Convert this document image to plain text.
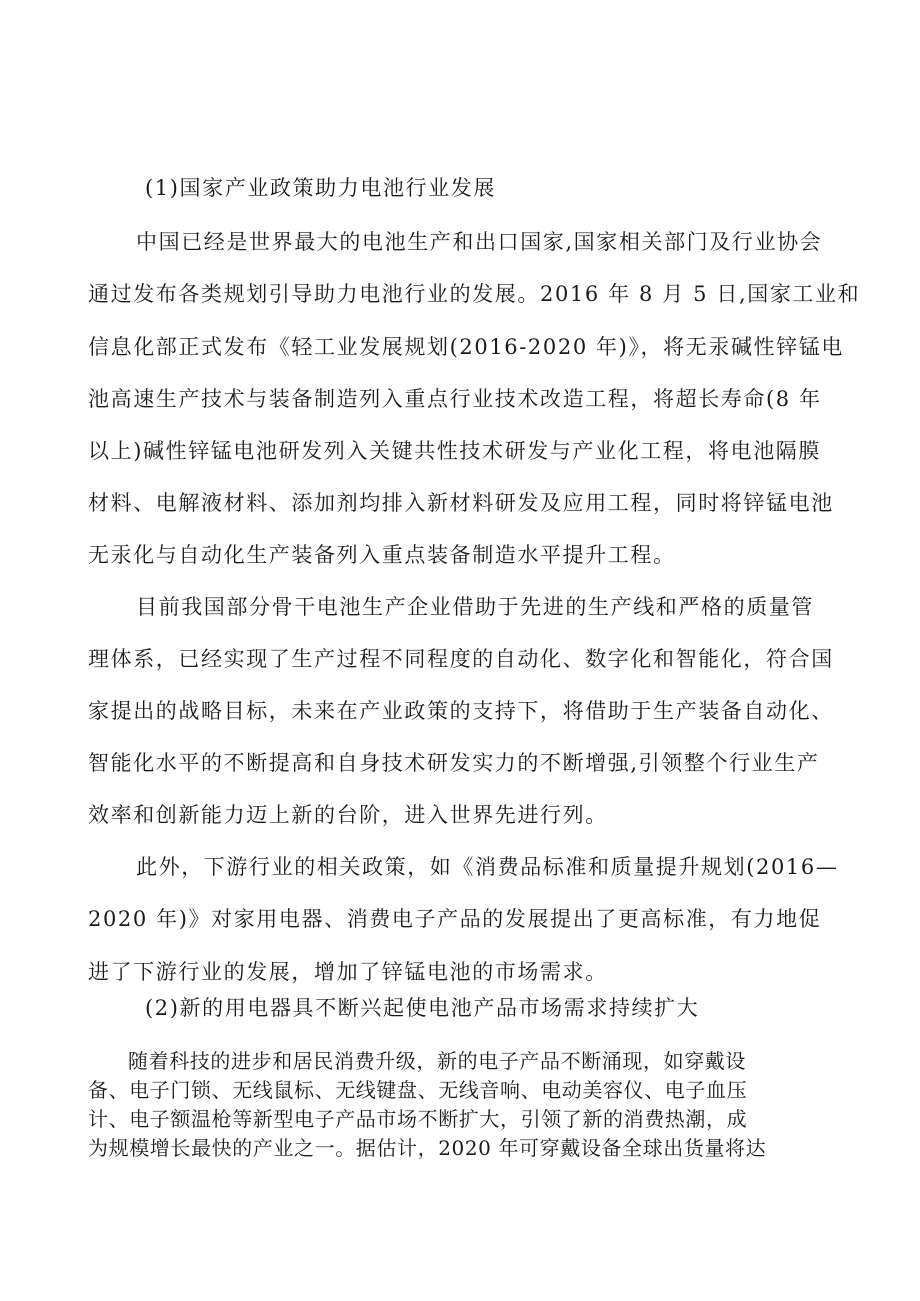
(1)国家产业政策助力电池行业发展
中国已经是世界最大的电池生产和出口国家,国家相关部门及行业协会
通过发布各类规划引导助力电池行业的发展。2016 年 8 月 5 日,国家工业和
信息化部正式发布《轻工业发展规划(2016-2020 年)》，将无汞碱性锌锰电
池高速生产技术与装备制造列入重点行业技术改造工程，将超长寿命(8 年
以上)碱性锌锰电池研发列入关键共性技术研发与产业化工程，将电池隔膜
材料、电解液材料、添加剂均排入新材料研发及应用工程，同时将锌锰电池
无汞化与自动化生产装备列入重点装备制造水平提升工程。
目前我国部分骨干电池生产企业借助于先进的生产线和严格的质量管
理体系，已经实现了生产过程不同程度的自动化、数字化和智能化，符合国
家提出的战略目标，未来在产业政策的支持下，将借助于生产装备自动化、
智能化水平的不断提高和自身技术研发实力的不断增强,引领整个行业生产
效率和创新能力迈上新的台阶，进入世界先进行列。
此外，下游行业的相关政策，如《消费品标准和质量提升规划(2016—
2020 年)》对家用电器、消费电子产品的发展提出了更高标准，有力地促
进了下游行业的发展，增加了锌锰电池的市场需求。
(2)新的用电器具不断兴起使电池产品市场需求持续扩大
随着科技的进步和居民消费升级，新的电子产品不断涌现，如穿戴设
备、电子门锁、无线鼠标、无线键盘、无线音响、电动美容仪、电子血压
计、电子额温枪等新型电子产品市场不断扩大，引领了新的消费热潮，成
为规模增长最快的产业之一。据估计，2020 年可穿戴设备全球出货量将达
